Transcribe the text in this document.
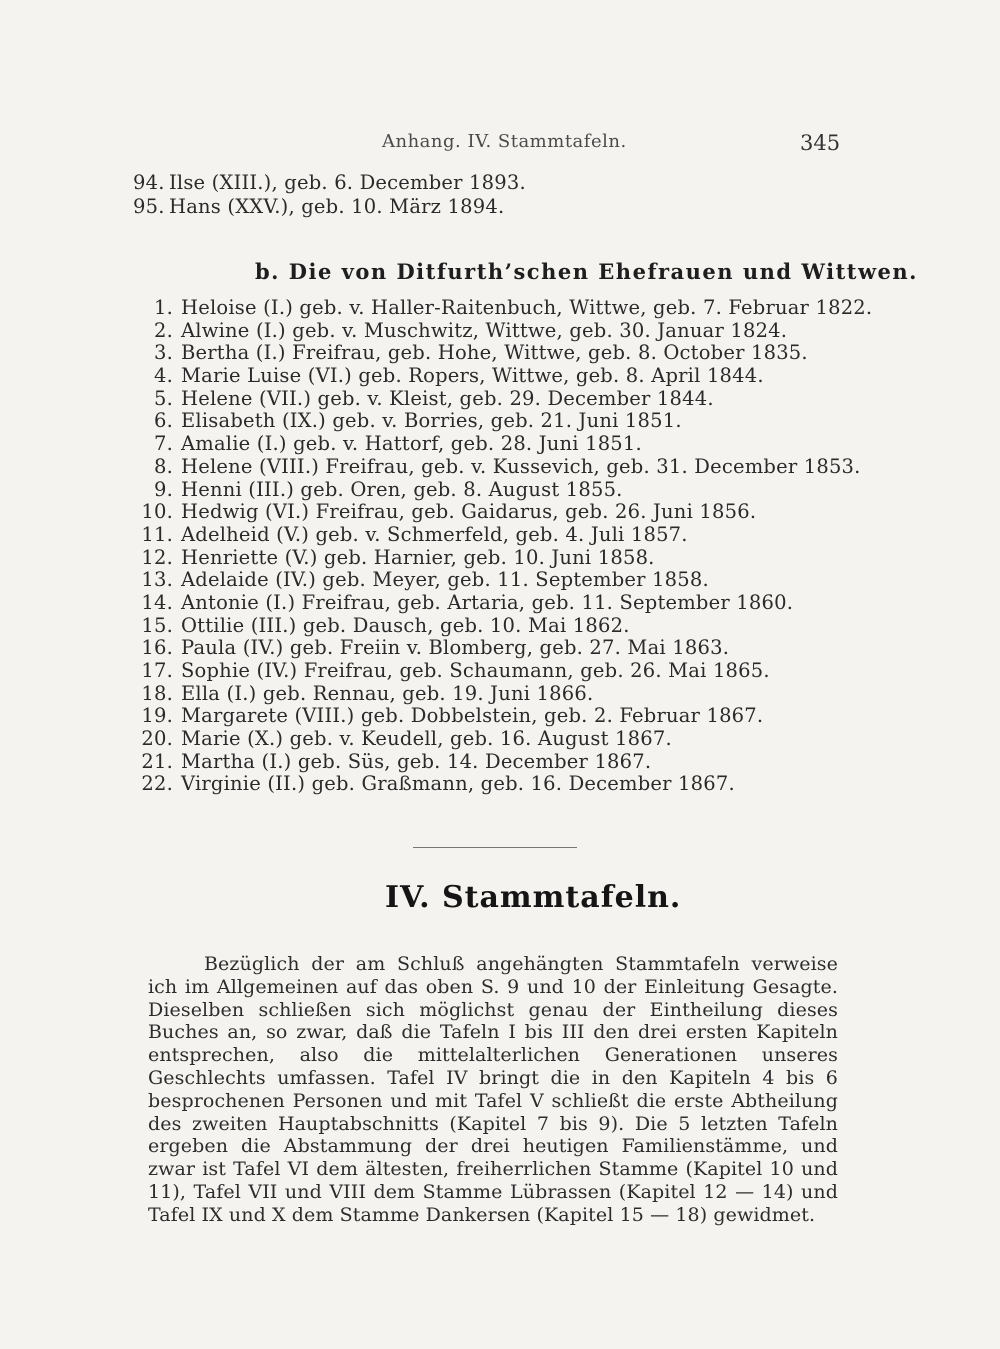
Anhang. IV. Stammtafeln.	345
94. Ilse (XIII.), geb. 6. December 1893.
95. Hans (XXV.), geb. 10. März 1894.
b. Die von Ditfurth’schen Ehefrauen und Wittwen.
1. Heloise (I.) geb. v. Haller-Raitenbuch, Wittwe, geb. 7. Februar 1822.
2. Alwine (I.) geb. v. Muschwitz, Wittwe, geb. 30. Januar 1824.
3. Bertha (I.) Freifrau, geb. Hohe, Wittwe, geb. 8. October 1835.
4. Marie Luise (VI.) geb. Ropers, Wittwe, geb. 8. April 1844.
5. Helene (VII.) geb. v. Kleist, geb. 29. December 1844.
6. Elisabeth (IX.) geb. v. Borries, geb. 21. Juni 1851.
7. Amalie (I.) geb. v. Hattorf, geb. 28. Juni 1851.
8. Helene (VIII.) Freifrau, geb. v. Kussevich, geb. 31. December 1853.
9. Henni (III.) geb. Oren, geb. 8. August 1855.
10. Hedwig (VI.) Freifrau, geb. Gaidarus, geb. 26. Juni 1856.
11. Adelheid (V.) geb. v. Schmerfeld, geb. 4. Juli 1857.
12. Henriette (V.) geb. Harnier, geb. 10. Juni 1858.
13. Adelaide (IV.) geb. Meyer, geb. 11. September 1858.
14. Antonie (I.) Freifrau, geb. Artaria, geb. 11. September 1860.
15. Ottilie (III.) geb. Dausch, geb. 10. Mai 1862.
16. Paula (IV.) geb. Freiin v. Blomberg, geb. 27. Mai 1863.
17. Sophie (IV.) Freifrau, geb. Schaumann, geb. 26. Mai 1865.
18. Ella (I.) geb. Rennau, geb. 19. Juni 1866.
19. Margarete (VIII.) geb. Dobbelstein, geb. 2. Februar 1867.
20. Marie (X.) geb. v. Keudell, geb. 16. August 1867.
21. Martha (I.) geb. Süs, geb. 14. December 1867.
22. Virginie (II.) geb. Graßmann, geb. 16. December 1867.
IV. Stammtafeln.

Bezüglich der am Schluß angehängten Stammtafeln verweise ich im Allgemeinen auf das oben S. 9 und 10 der Einleitung Gesagte. Dieselben schließen sich möglichst genau der Eintheilung dieses Buches an, so zwar, daß die Tafeln I bis III den drei ersten Kapiteln entsprechen, also die mittelalterlichen Generationen unseres Geschlechts umfassen. Tafel IV bringt die in den Kapiteln 4 bis 6 besprochenen Personen und mit Tafel V schließt die erste Abtheilung des zweiten Hauptabschnitts (Kapitel 7 bis 9). Die 5 letzten Tafeln ergeben die Abstammung der drei heutigen Familienstämme, und zwar ist Tafel VI dem ältesten, freiherrlichen Stamme (Kapitel 10 und 11), Tafel VII und VIII dem Stamme Lübrassen (Kapitel 12 — 14) und Tafel IX und X dem Stamme Dankersen (Kapitel 15 — 18) gewidmet.
